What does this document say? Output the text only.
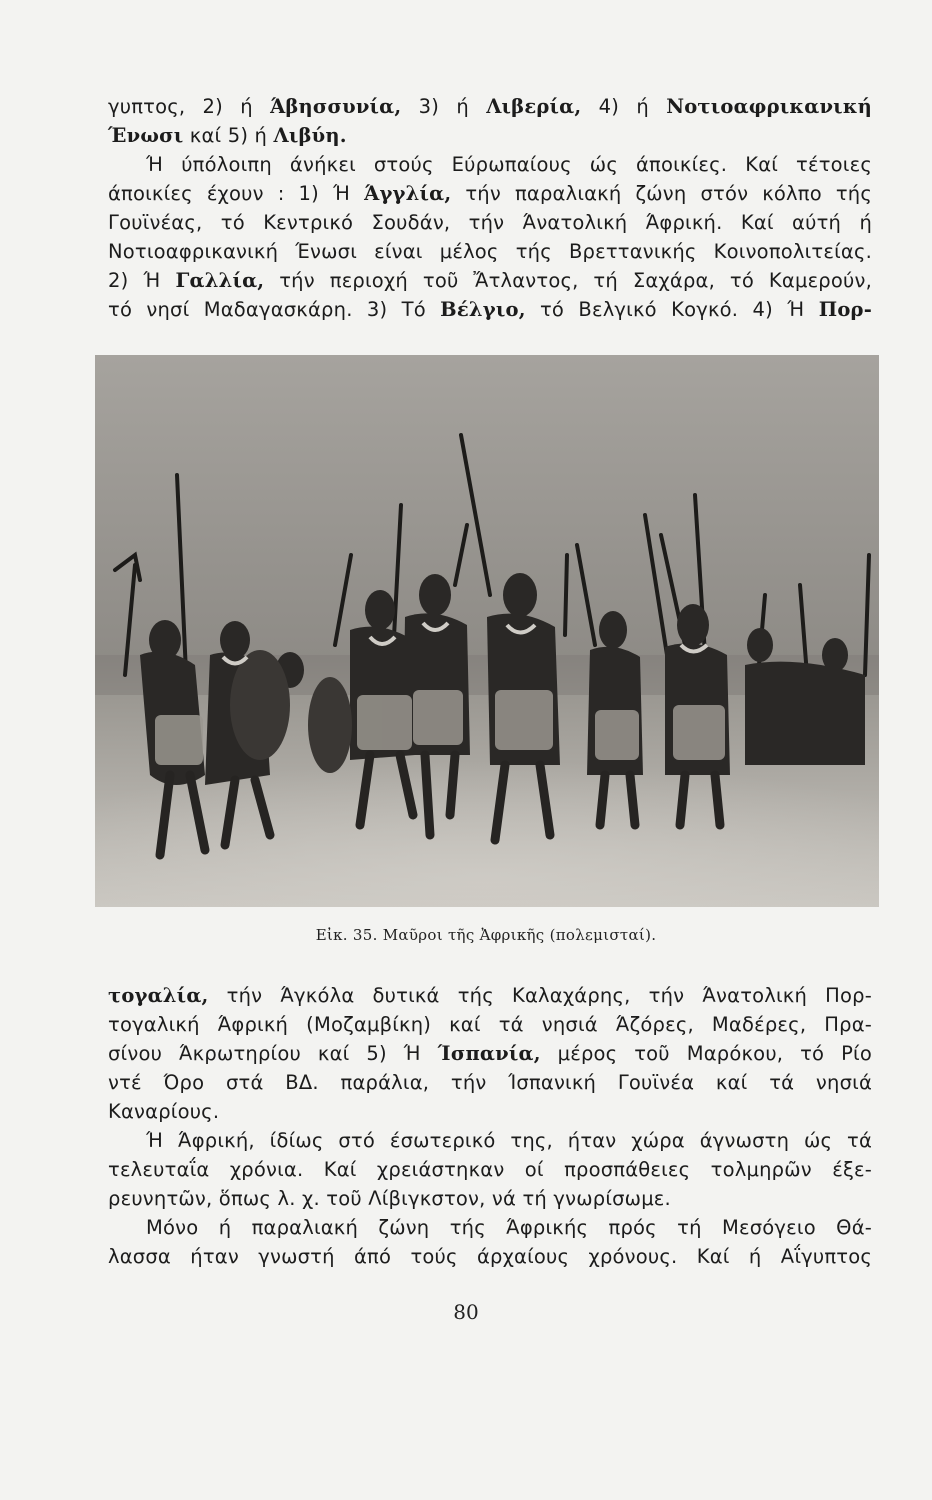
γυπτος, 2) ή Άβησσυνία, 3) ή Λιβερία, 4) ή Νοτιοαφρικανική

Ένωσι καί 5) ή Λιβύη.

Ή ύπόλοιπη άνήκει στούς Εύρωπαίους ώς άποικίες. Καί τέτοιες

άποικίες έχουν : 1) Ή Άγγλία, τήν παραλιακή ζώνη στόν κόλπο τής

Γουϊνέας, τό Κεντρικό Σουδάν, τήν Άνατολική Άφρική. Καί αύτή ή

Νοτιοαφρικανική Ένωσι είναι μέλος τής Βρεττανικής Κοινοπολιτείας.

2) Ή Γαλλία, τήν περιοχή τοῦ Ἄτλαντος, τή Σαχάρα, τό Καμερούν,

τό νησί Μαδαγασκάρη. 3) Τό Βέλγιο, τό Βελγικό Κογκό. 4) Ή Πορ-

Εἰκ. 35. Μαῦροι τῆς Ἀφρικῆς (πολεμισταί).

τογαλία, τήν Άγκόλα δυτικά τής Καλαχάρης, τήν Άνατολική Πορ-

τογαλική Άφρική (Μοζαμβίκη) καί τά νησιά Άζόρες, Μαδέρες, Πρα-

σίνου Άκρωτηρίου καί 5) Ή Ίσπανία, μέρος τοῦ Μαρόκου, τό Ρίο

ντέ Όρο στά ΒΔ. παράλια, τήν Ίσπανική Γουϊνέα καί τά νησιά

Καναρίους.

Ή Άφρική, ίδίως στό έσωτερικό της, ήταν χώρα άγνωστη ώς τά

τελευταΐα χρόνια. Καί χρειάστηκαν οί προσπάθειες τολμηρῶν έξε-

ρευνητῶν, ὅπως λ. χ. τοῦ Λίβιγκστον, νά τή γνωρίσωμε.

Μόνο ή παραλιακή ζώνη τής Άφρικής πρός τή Μεσόγειο Θά-

λασσα ήταν γνωστή άπό τούς άρχαίους χρόνους. Καί ή Αΐγυπτος

80
